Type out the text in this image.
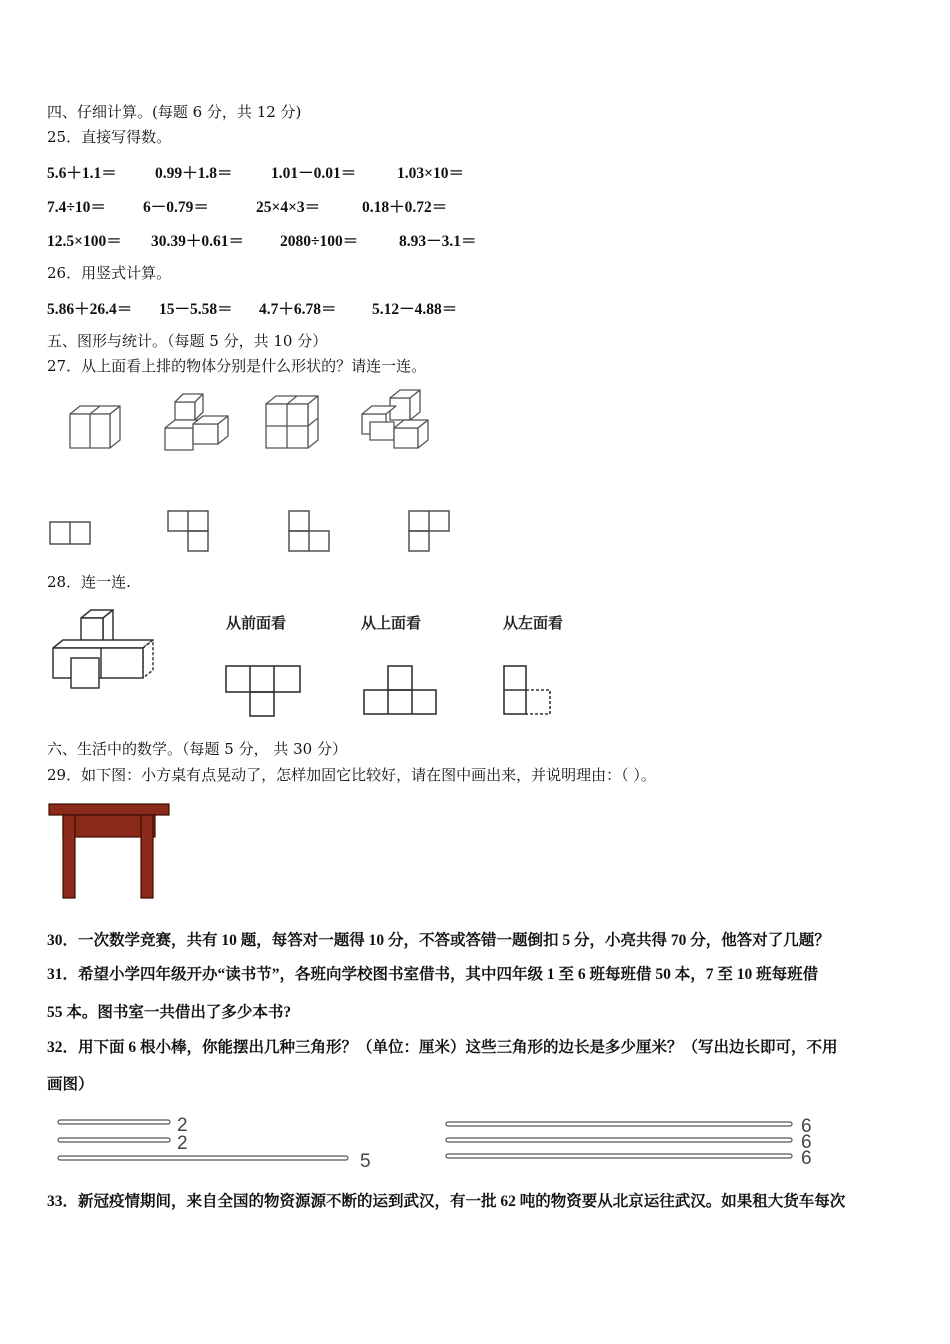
四、仔细计算。(每题 6 分，共 12 分)
25．直接写得数。
5.6＋1.1＝ 0.99＋1.8＝ 1.01－0.01＝	1.03×10＝
7.4÷10＝ 6－0.79＝	25×4×3＝	0.18＋0.72＝
12.5×100＝ 30.39＋0.61＝ 2080÷100＝	8.93－3.1＝
26．用竖式计算。
5.86＋26.4＝ 15－5.58＝ 4.7＋6.78＝ 5.12－4.88＝
五、图形与统计。（每题 5 分，共 10 分）
27．从上面看上排的物体分别是什么形状的？请连一连。
28．连一连.
从前面看	从上面看	从左面看
六、生活中的数学。（每题 5 分， 共 30 分）
29．如下图：小方桌有点晃动了，怎样加固它比较好，请在图中画出来，并说明理由：（ ）。
30．一次数学竞赛，共有 10 题，每答对一题得 10 分，不答或答错一题倒扣 5 分，小亮共得 70 分，他答对了几题？
31．希望小学四年级开办“读书节”，各班向学校图书室借书，其中四年级 1 至 6 班每班借 50 本，7 至 10 班每班借
55 本。图书室一共借出了多少本书?
32．用下面 6 根小棒，你能摆出几种三角形？（单位：厘米）这些三角形的边长是多少厘米？（写出边长即可，不用
画图）
2
2
5
6
6
6
33．新冠疫情期间，来自全国的物资源源不断的运到武汉，有一批 62 吨的物资要从北京运往武汉。如果租大货车每次
